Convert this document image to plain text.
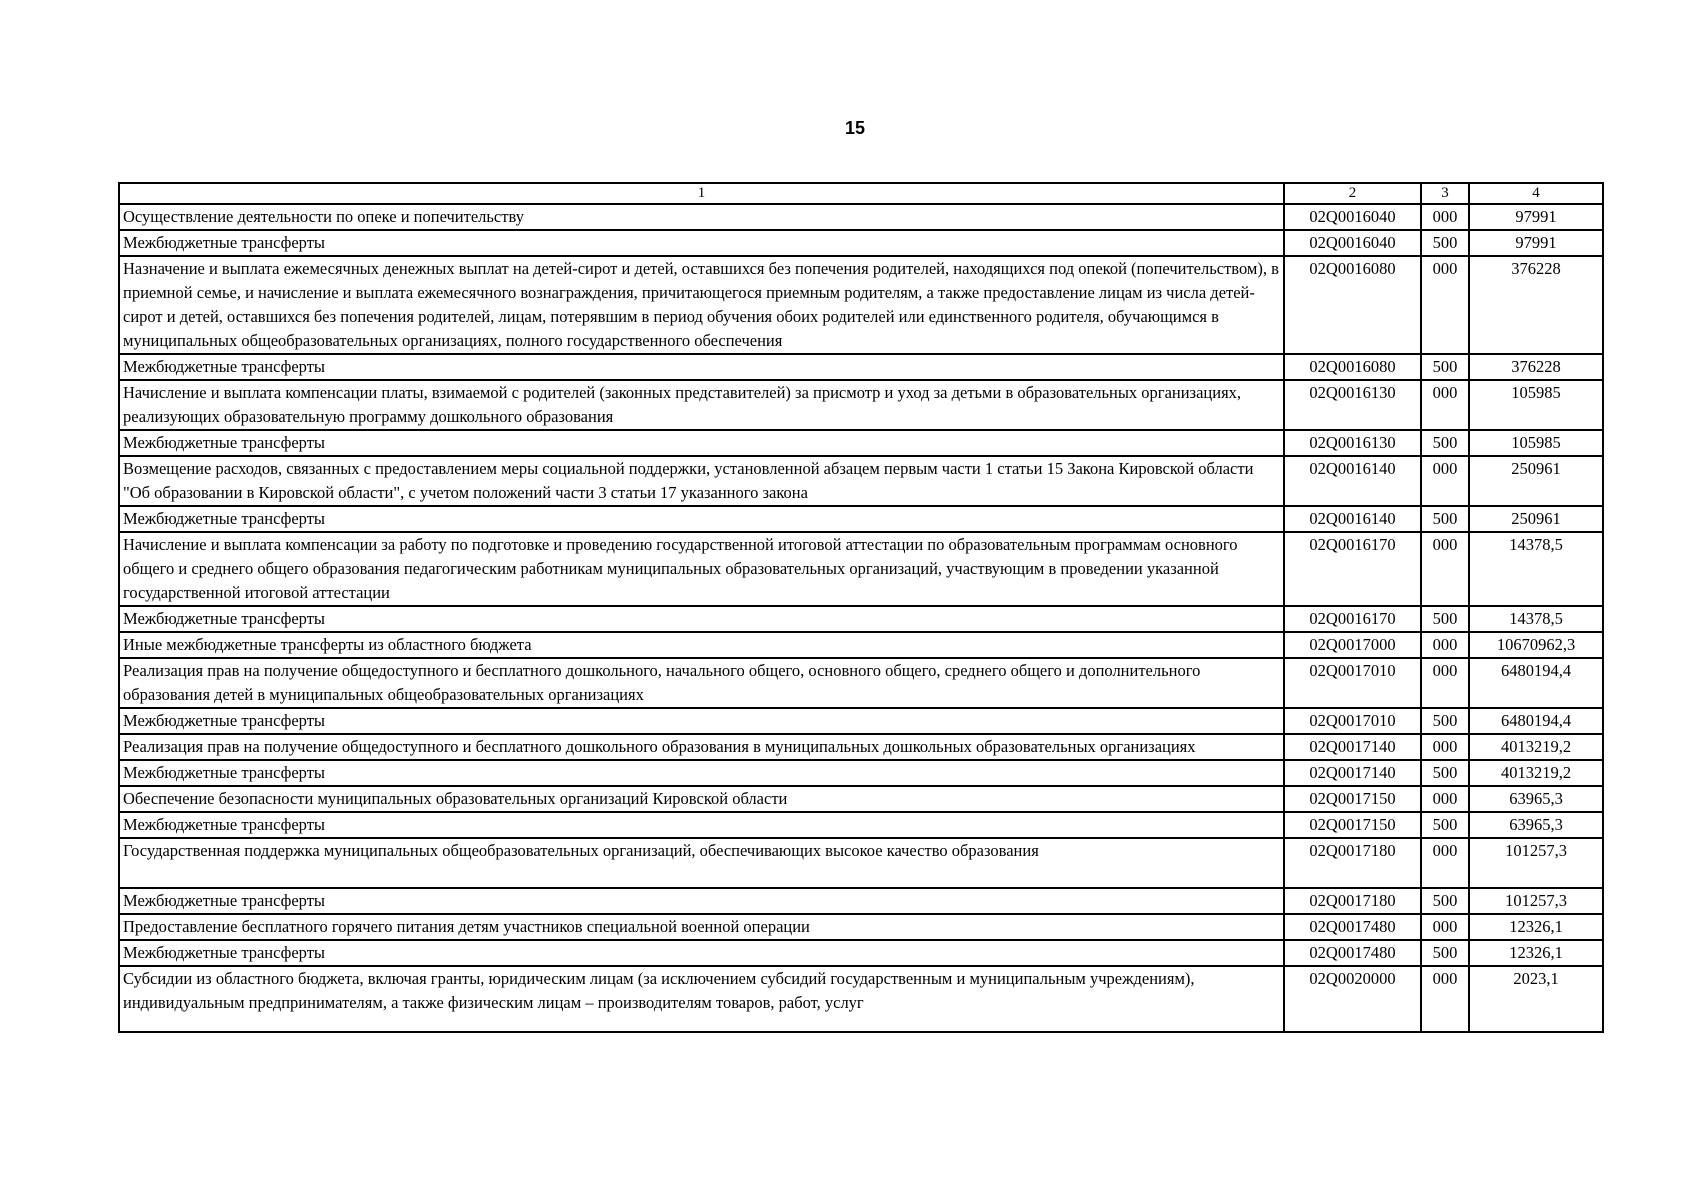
15
1	2	3	4
Осуществление деятельности по опеке и попечительству	02Q0016040	000	97991
Межбюджетные трансферты	02Q0016040	500	97991
Назначение и выплата ежемесячных денежных выплат на детей-сирот и детей, оставшихся без попечения родителей, находящихся под опекой (попечительством), в приемной семье, и начисление и выплата ежемесячного вознаграждения, причитающегося приемным родителям, а также предоставление лицам из числа детей-сирот и детей, оставшихся без попечения родителей, лицам, потерявшим в период обучения обоих родителей или единственного родителя, обучающимся в муниципальных общеобразовательных организациях, полного государственного обеспечения	02Q0016080	000	376228
Межбюджетные трансферты	02Q0016080	500	376228
Начисление и выплата компенсации платы, взимаемой с родителей (законных представителей) за присмотр и уход за детьми в образовательных организациях, реализующих образовательную программу дошкольного образования	02Q0016130	000	105985
Межбюджетные трансферты	02Q0016130	500	105985
Возмещение расходов, связанных с предоставлением меры социальной поддержки, установленной абзацем первым части 1 статьи 15 Закона Кировской области "Об образовании в Кировской области", с учетом положений части 3 статьи 17 указанного закона	02Q0016140	000	250961
Межбюджетные трансферты	02Q0016140	500	250961
Начисление и выплата компенсации за работу по подготовке и проведению государственной итоговой аттестации по образовательным программам основного общего и среднего общего образования педагогическим работникам муниципальных образовательных организаций, участвующим в проведении указанной государственной итоговой аттестации	02Q0016170	000	14378,5
Межбюджетные трансферты	02Q0016170	500	14378,5
Иные межбюджетные трансферты из областного бюджета	02Q0017000	000	10670962,3
Реализация прав на получение общедоступного и бесплатного дошкольного, начального общего, основного общего, среднего общего и дополнительного образования детей в муниципальных общеобразовательных организациях	02Q0017010	000	6480194,4
Межбюджетные трансферты	02Q0017010	500	6480194,4
Реализация прав на получение общедоступного и бесплатного дошкольного образования в муниципальных дошкольных образовательных организациях	02Q0017140	000	4013219,2
Межбюджетные трансферты	02Q0017140	500	4013219,2
Обеспечение безопасности муниципальных образовательных организаций Кировской области	02Q0017150	000	63965,3
Межбюджетные трансферты	02Q0017150	500	63965,3
Государственная поддержка муниципальных общеобразовательных организаций, обеспечивающих высокое качество образования	02Q0017180	000	101257,3
Межбюджетные трансферты	02Q0017180	500	101257,3
Предоставление бесплатного горячего питания детям участников специальной военной операции	02Q0017480	000	12326,1
Межбюджетные трансферты	02Q0017480	500	12326,1
Субсидии из областного бюджета, включая гранты, юридическим лицам (за исключением субсидий государственным и муниципальным учреждениям), индивидуальным предпринимателям, а также физическим лицам – производителям товаров, работ, услуг	02Q0020000	000	2023,1
